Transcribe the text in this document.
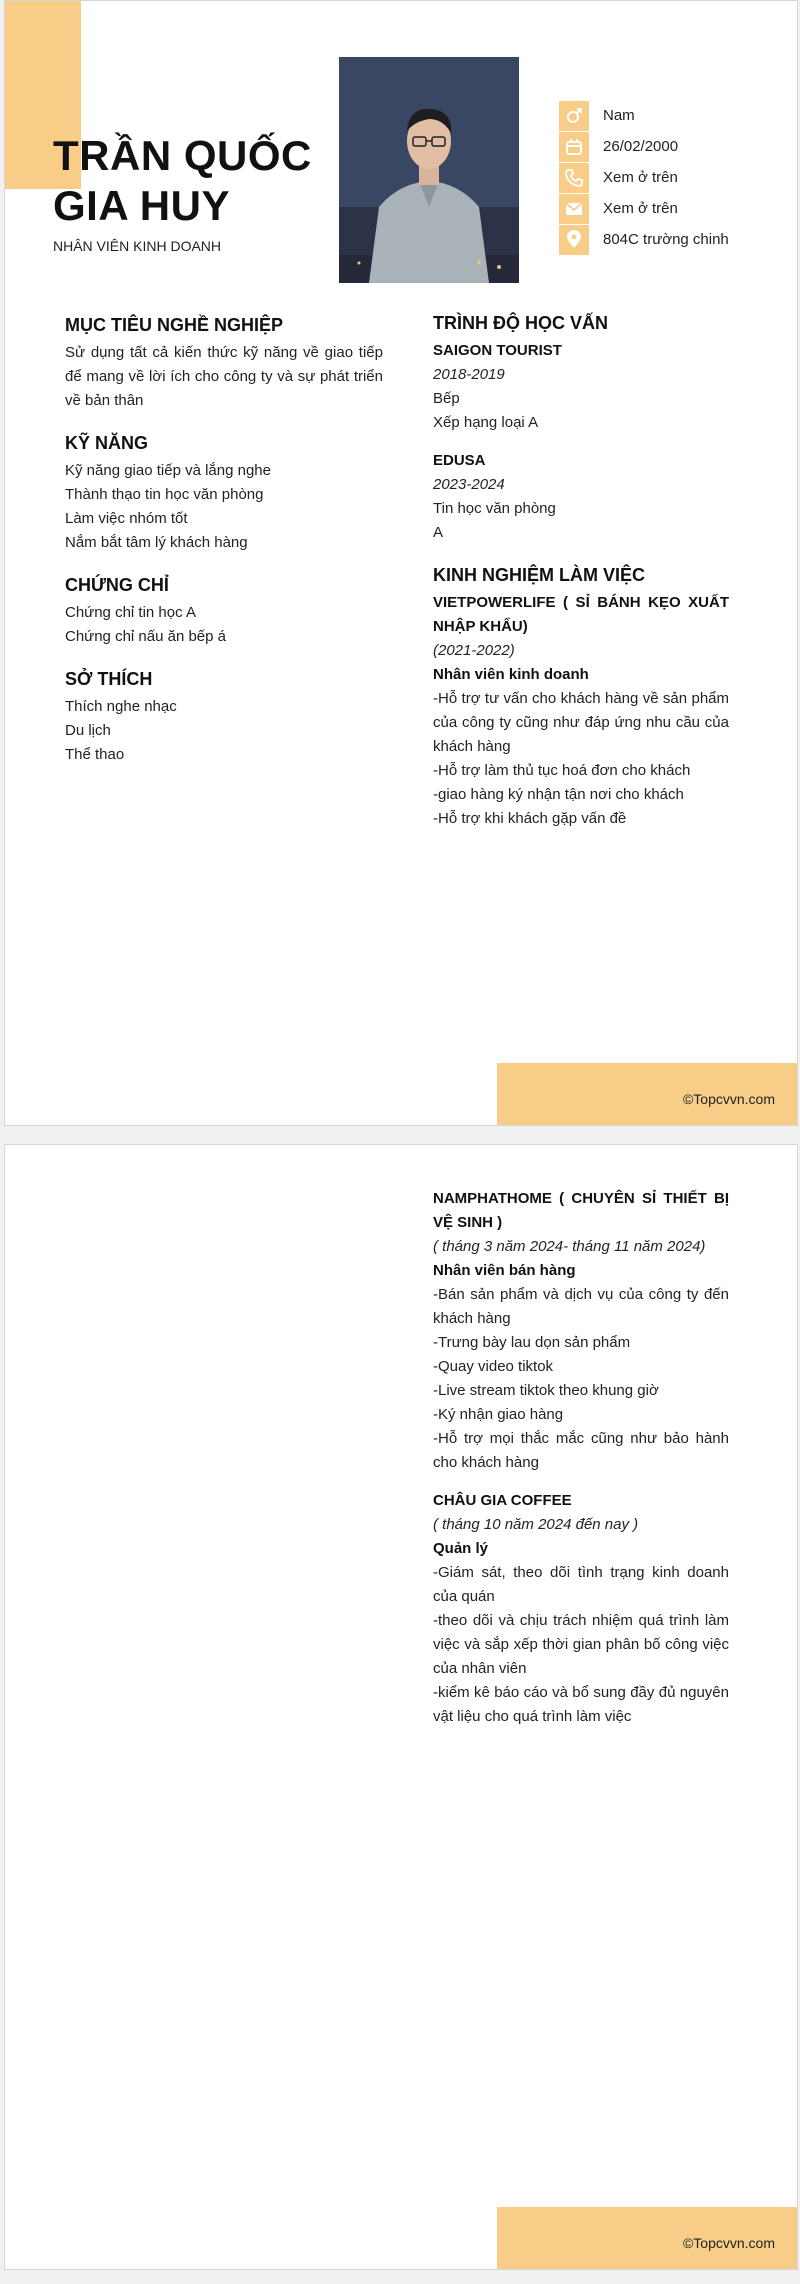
TRẦN QUỐC
GIA HUY
NHÂN VIÊN KINH DOANH
Nam
26/02/2000
Xem ở trên
Xem ở trên
804C trường chinh
MỤC TIÊU NGHỀ NGHIỆP
Sử dụng tất cả kiến thức kỹ năng về giao tiếp để mang về lời ích cho công ty và sự phát triển về bản thân
KỸ NĂNG
Kỹ năng giao tiếp và lắng nghe
Thành thạo tin học văn phòng
Làm việc nhóm tốt
Nắm bắt tâm lý khách hàng
CHỨNG CHỈ
Chứng chỉ tin học A
Chứng chỉ nấu ăn bếp á
SỞ THÍCH
Thích nghe nhạc
Du lịch
Thể thao
TRÌNH ĐỘ HỌC VẤN
SAIGON TOURIST
2018-2019
Bếp
Xếp hạng loại A
EDUSA
2023-2024
Tin học văn phòng
A
KINH NGHIỆM LÀM VIỆC
VIETPOWERLIFE ( SỈ BÁNH KẸO XUẤT NHẬP KHẨU)
(2021-2022)
Nhân viên kinh doanh
-Hỗ trợ tư vấn cho khách hàng về sản phẩm của công ty cũng như đáp ứng nhu cầu của khách hàng
-Hỗ trợ làm thủ tục hoá đơn cho khách
-giao hàng ký nhận tận nơi cho khách
-Hỗ trợ khi khách gặp vấn đề
©Topcvvn.com
NAMPHATHOME ( CHUYÊN SỈ THIẾT BỊ VỆ SINH )
( tháng 3 năm 2024- tháng 11 năm 2024)
Nhân viên bán hàng
-Bán sản phẩm và dịch vụ của công ty đến khách hàng
-Trưng bày lau dọn sản phẩm
-Quay video tiktok
-Live stream tiktok theo khung giờ
-Ký nhận giao hàng
-Hỗ trợ mọi thắc mắc cũng như bảo hành cho khách hàng
CHÂU GIA COFFEE
( tháng 10 năm 2024 đến nay )
Quản lý
-Giám sát, theo dõi tình trạng kinh doanh của quán
-theo dõi và chịu trách nhiệm quá trình làm việc và sắp xếp thời gian phân bố công việc của nhân viên
-kiểm kê báo cáo và bổ sung đầy đủ nguyên vật liệu cho quá trình làm việc
©Topcvvn.com
